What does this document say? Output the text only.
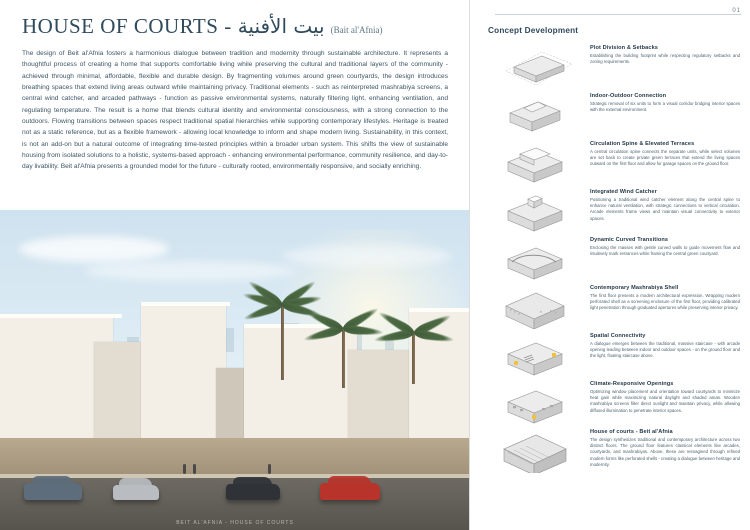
HOUSE OF COURTS - بيت الأفنية (Bait al'Afnia)

The design of Beit al'Afnia fosters a harmonious dialogue between tradition and modernity through sustainable architecture. It represents a thoughtful process of creating a home that supports comfortable living while preserving the cultural and traditional layers of the community - achieved through minimal, affordable, flexible and durable design. By fragmenting volumes around green courtyards, the design introduces breathing spaces that extend living areas outward while maintaining privacy. Traditional elements - such as reinterpreted mashrabiya screens, a central wind catcher, and arcaded pathways - function as passive environmental systems, naturally filtering light, enhancing ventilation, and regulating temperature. The result is a home that blends cultural identity and environmental consciousness, with a strong connection to the outdoors. Flowing transitions between spaces respect traditional spatial hierarchies while supporting contemporary lifestyles. Heritage is treated not as a static reference, but as a flexible framework - allowing local knowledge to inform and shape modern living. Sustainability, in this context, is not an add-on but a natural outcome of integrating time-tested principles within a broader urban system. This shifts the view of sustainable housing from isolated solutions to a holistic, systems-based approach - enhancing environmental performance, community resilience, and day-to-day livability. Beit al'Afnia presents a grounded model for the future - culturally rooted, environmentally responsive, and socially enriching.

BEIT AL'AFNIA - HOUSE OF COURTS
01
Concept Development
Plot Division & Setbacks

Establishing the building footprint while respecting regulatory setbacks and zoning requirements.

Indoor-Outdoor Connection

Strategic removal of six units to form a visual corridor bridging interior spaces with the external environment.

Circulation Spine & Elevated Terraces

A central circulation spine connects the separate units, while select volumes are set back to create private green terraces that extend the living spaces outward on the first floor and allow for garage spaces on the ground floor.

Integrated Wind Catcher

Positioning a traditional wind catcher element along the central spine to enhance natural ventilation, with strategic connections to vertical circulation. Arcade elements frame views and maintain visual connectivity to exterior spaces.

Dynamic Curved Transitions

Enclosing the masses with gentle curved walls to guide movement flow and intuitively mark entrances while framing the central green courtyard.

Contemporary Mashrabiya Shell

The first floor presents a modern architectural expression. Wrapping modern perforated shell as a screening enclosure of the first floor, providing calibrated light penetration through graduated apertures while preserving interior privacy.

Spatial Connectivity

A dialogue emerges between the traditional, massive staircase - with arcade opening leading between indoor and outdoor spaces - on the ground floor and the light, floating staircase above.

Climate-Responsive Openings

Optimizing window placement and orientation toward courtyards to minimize heat gain while maximizing natural daylight and shaded areas. Wooden mashrabiya screens filter direct sunlight and maintain privacy, while allowing diffused illumination to penetrate interior spaces.

House of courts - Beit al'Afnia

The design synthesizes traditional and contemporary architecture across two distinct floors. The ground floor features classical elements like arcades, courtyards, and mashrabiyas. Above, these are reimagined through refined modern forms like perforated shells - creating a dialogue between heritage and modernity.
